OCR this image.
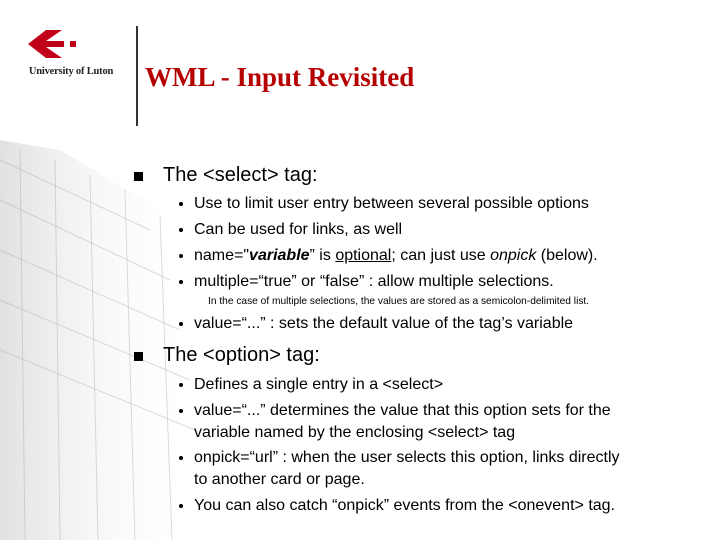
University of Luton	WML - Input Revisited
The <select> tag:
Use to limit user entry between several possible options
Can be used for links, as well
name="variable” is optional; can just use onpick (below).
multiple=“true” or “false” : allow multiple selections.
In the case of multiple selections, the values are stored as a semicolon-delimited list.
value=“...” : sets the default value of the tag’s variable
The <option> tag:
Defines a single entry in a <select>
value=“...” determines the value that this option sets for the
variable named by the enclosing <select> tag
onpick=“url” : when the user selects this option, links directly
to another card or page.
You can also catch “onpick” events from the <onevent> tag.
